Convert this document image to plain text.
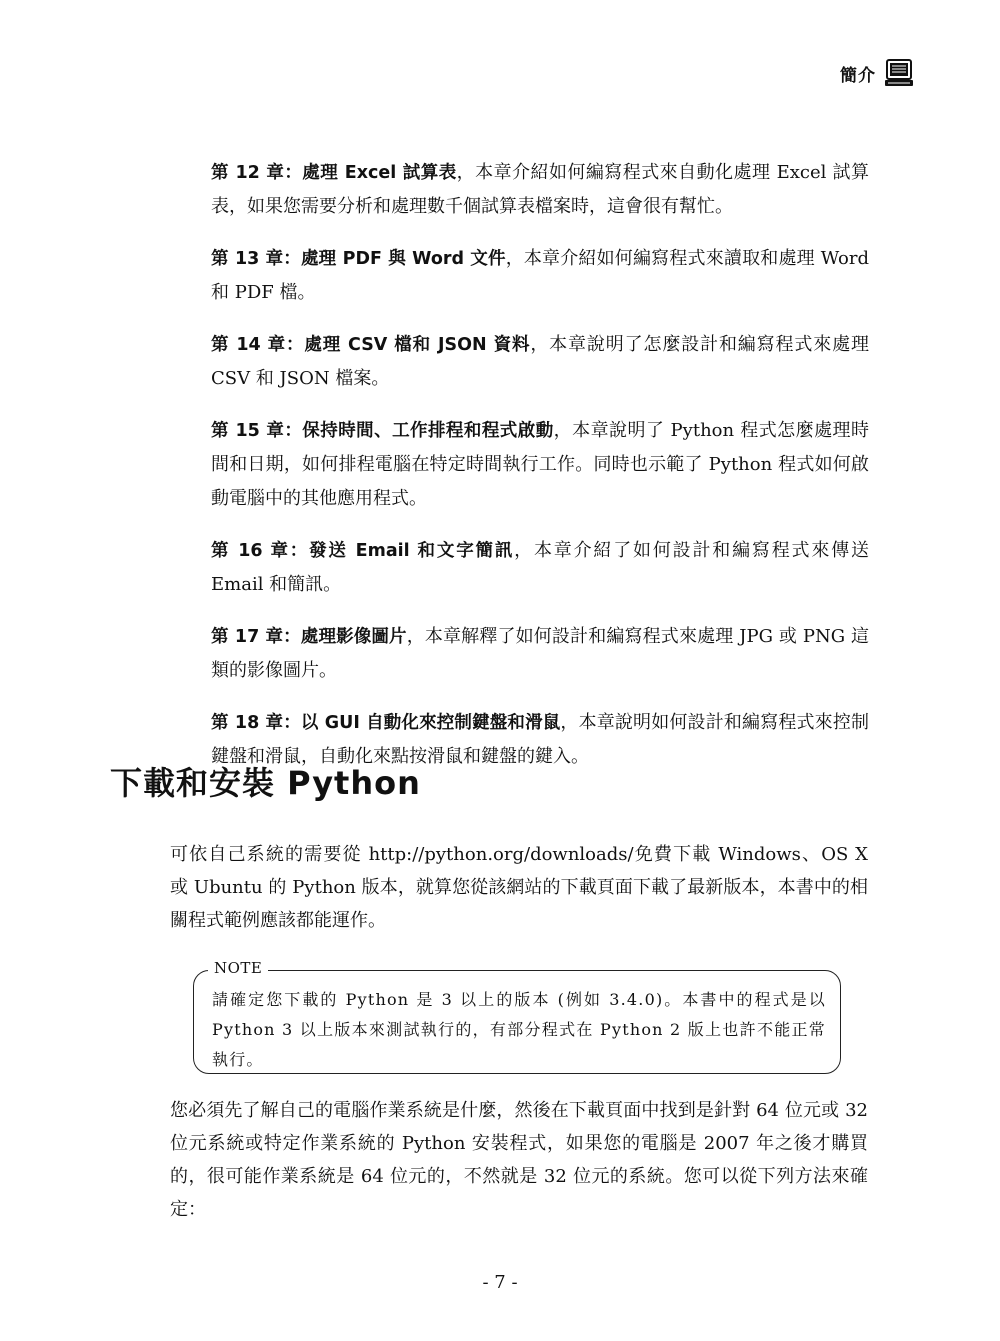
簡介

第 12 章：處理 Excel 試算表，本章介紹如何編寫程式來自動化處理 Excel 試算表，如果您需要分析和處理數千個試算表檔案時，這會很有幫忙。

第 13 章：處理 PDF 與 Word 文件，本章介紹如何編寫程式來讀取和處理 Word 和 PDF 檔。

第 14 章：處理 CSV 檔和 JSON 資料，本章說明了怎麼設計和編寫程式來處理 CSV 和 JSON 檔案。

第 15 章：保持時間、工作排程和程式啟動，本章說明了 Python 程式怎麼處理時間和日期，如何排程電腦在特定時間執行工作。同時也示範了 Python 程式如何啟動電腦中的其他應用程式。

第 16 章：發送 Email 和文字簡訊，本章介紹了如何設計和編寫程式來傳送 Email 和簡訊。

第 17 章：處理影像圖片，本章解釋了如何設計和編寫程式來處理 JPG 或 PNG 這類的影像圖片。

第 18 章：以 GUI 自動化來控制鍵盤和滑鼠，本章說明如何設計和編寫程式來控制鍵盤和滑鼠，自動化來點按滑鼠和鍵盤的鍵入。

下載和安裝 Python

可依自己系統的需要從 http://python.org/downloads/免費下載 Windows、OS X 或 Ubuntu 的 Python 版本，就算您從該網站的下載頁面下載了最新版本，本書中的相關程式範例應該都能運作。

NOTE

請確定您下載的 Python 是 3 以上的版本 (例如 3.4.0)。本書中的程式是以 Python 3 以上版本來測試執行的，有部分程式在 Python 2 版上也許不能正常執行。

您必須先了解自己的電腦作業系統是什麼，然後在下載頁面中找到是針對 64 位元或 32 位元系統或特定作業系統的 Python 安裝程式，如果您的電腦是 2007 年之後才購買的，很可能作業系統是 64 位元的，不然就是 32 位元的系統。您可以從下列方法來確定：

- 7 -
